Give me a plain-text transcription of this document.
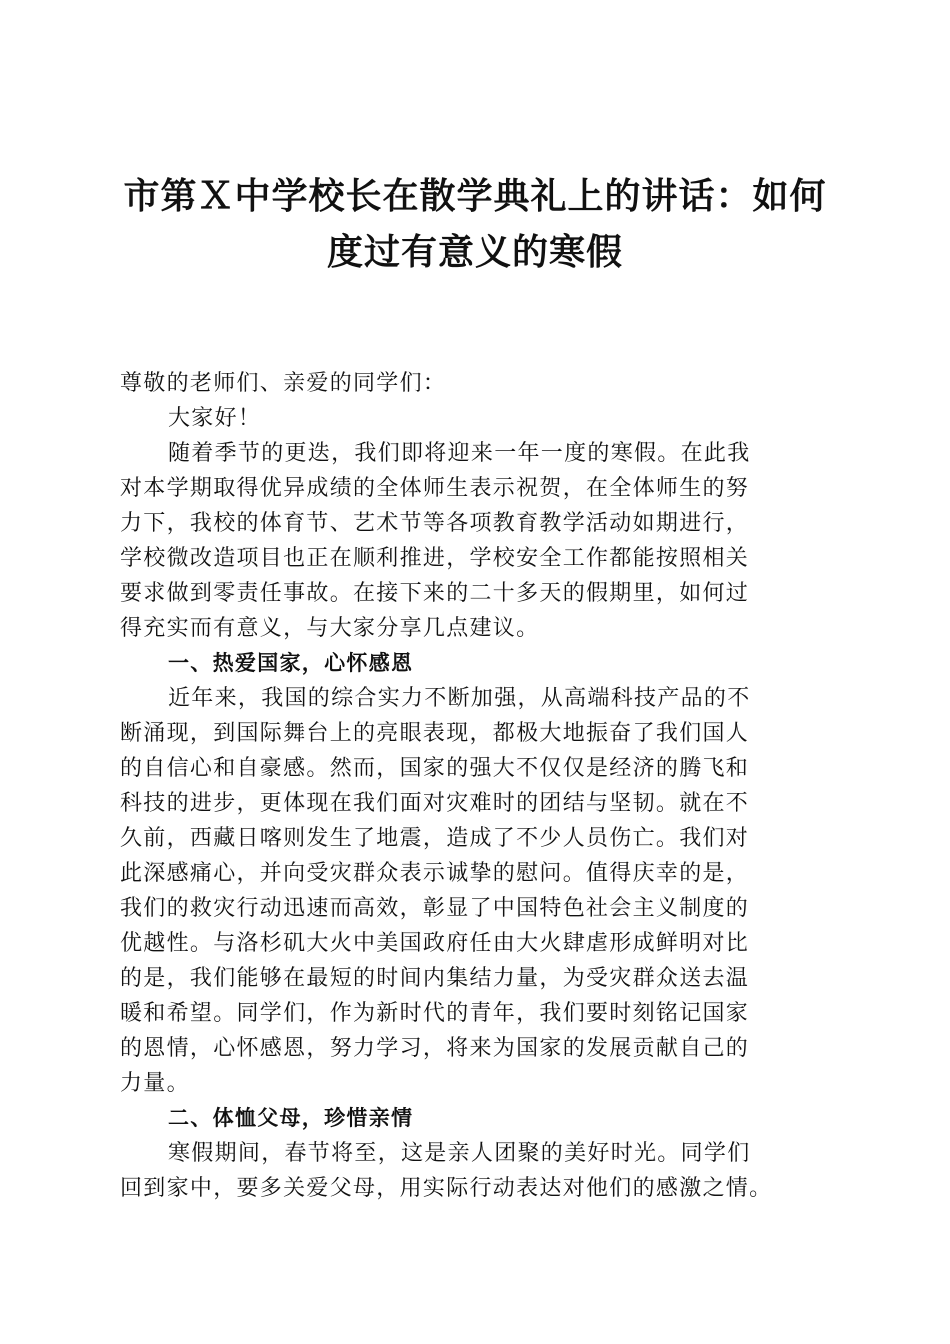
市第Ｘ中学校长在散学典礼上的讲话：如何
度过有意义的寒假
尊敬的老师们、亲爱的同学们：
大家好！
随着季节的更迭，我们即将迎来一年一度的寒假。在此我
对本学期取得优异成绩的全体师生表示祝贺，在全体师生的努
力下，我校的体育节、艺术节等各项教育教学活动如期进行，
学校微改造项目也正在顺利推进，学校安全工作都能按照相关
要求做到零责任事故。在接下来的二十多天的假期里，如何过
得充实而有意义，与大家分享几点建议。
一、热爱国家，心怀感恩
近年来，我国的综合实力不断加强，从高端科技产品的不
断涌现，到国际舞台上的亮眼表现，都极大地振奋了我们国人
的自信心和自豪感。然而，国家的强大不仅仅是经济的腾飞和
科技的进步，更体现在我们面对灾难时的团结与坚韧。就在不
久前，西藏日喀则发生了地震，造成了不少人员伤亡。我们对
此深感痛心，并向受灾群众表示诚挚的慰问。值得庆幸的是，
我们的救灾行动迅速而高效，彰显了中国特色社会主义制度的
优越性。与洛杉矶大火中美国政府任由大火肆虐形成鲜明对比
的是，我们能够在最短的时间内集结力量，为受灾群众送去温
暖和希望。同学们，作为新时代的青年，我们要时刻铭记国家
的恩情，心怀感恩，努力学习，将来为国家的发展贡献自己的
力量。
二、体恤父母，珍惜亲情
寒假期间，春节将至，这是亲人团聚的美好时光。同学们
回到家中，要多关爱父母，用实际行动表达对他们的感激之情。
